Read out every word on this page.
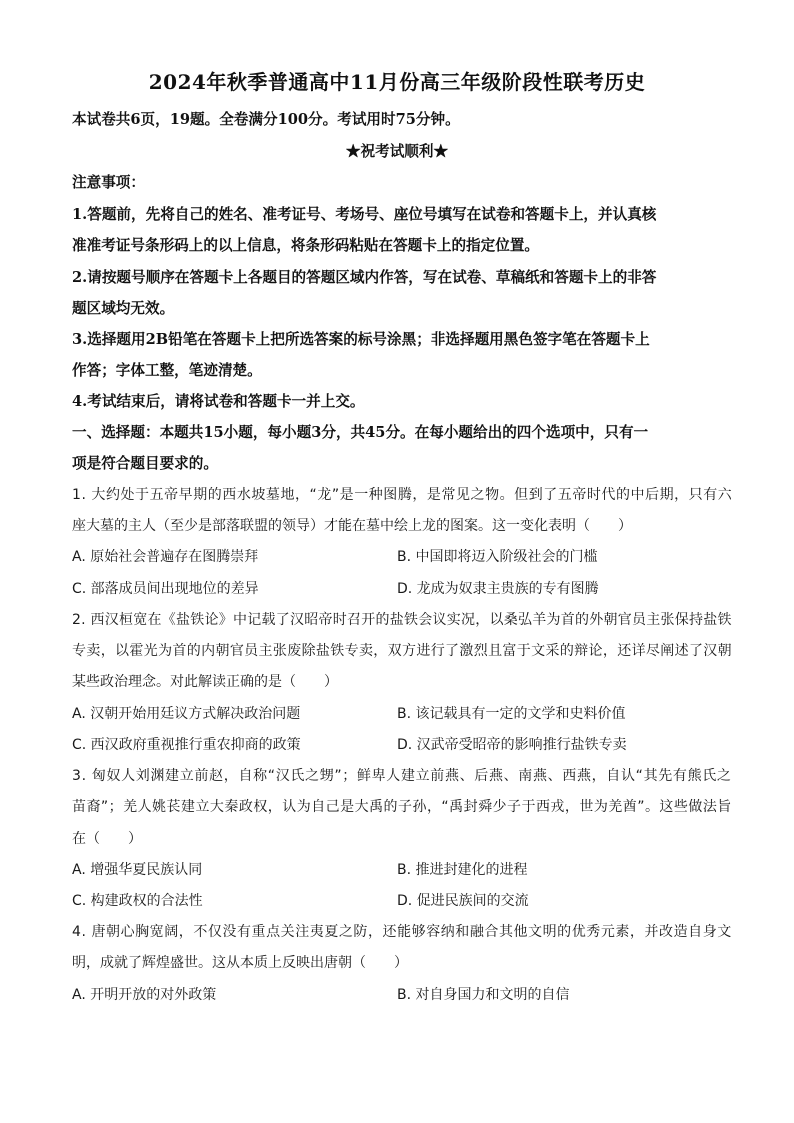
2024年秋季普通高中11月份高三年级阶段性联考历史
本试卷共6页，19题。全卷满分100分。考试用时75分钟。
★祝考试顺利★
注意事项：
1.答题前，先将自己的姓名、准考证号、考场号、座位号填写在试卷和答题卡上，并认真核
准准考证号条形码上的以上信息，将条形码粘贴在答题卡上的指定位置。
2.请按题号顺序在答题卡上各题目的答题区域内作答，写在试卷、草稿纸和答题卡上的非答
题区域均无效。
3.选择题用2B铅笔在答题卡上把所选答案的标号涂黑；非选择题用黑色签字笔在答题卡上
作答；字体工整，笔迹清楚。
4.考试结束后，请将试卷和答题卡一并上交。
一、选择题：本题共15小题，每小题3分，共45分。在每小题给出的四个选项中，只有一
项是符合题目要求的。
1. 大约处于五帝早期的西水坡墓地，“龙”是一种图腾，是常见之物。但到了五帝时代的中后期，只有六
座大墓的主人（至少是部落联盟的领导）才能在墓中绘上龙的图案。这一变化表明（　　）
A. 原始社会普遍存在图腾崇拜	B. 中国即将迈入阶级社会的门槛
C. 部落成员间出现地位的差异	D. 龙成为奴隶主贵族的专有图腾
2. 西汉桓宽在《盐铁论》中记载了汉昭帝时召开的盐铁会议实况，以桑弘羊为首的外朝官员主张保持盐铁
专卖，以霍光为首的内朝官员主张废除盐铁专卖，双方进行了激烈且富于文采的辩论，还详尽阐述了汉朝
某些政治理念。对此解读正确的是（　　）
A. 汉朝开始用廷议方式解决政治问题	B. 该记载具有一定的文学和史料价值
C. 西汉政府重视推行重农抑商的政策	D. 汉武帝受昭帝的影响推行盐铁专卖
3. 匈奴人刘渊建立前赵，自称“汉氏之甥”；鲜卑人建立前燕、后燕、南燕、西燕，自认“其先有熊氏之
苗裔”；羌人姚苌建立大秦政权，认为自己是大禹的子孙，“禹封舜少子于西戎，世为羌酋”。这些做法旨
在（　　）
A. 增强华夏民族认同	B. 推进封建化的进程
C. 构建政权的合法性	D. 促进民族间的交流
4. 唐朝心胸宽阔，不仅没有重点关注夷夏之防，还能够容纳和融合其他文明的优秀元素，并改造自身文
明，成就了辉煌盛世。这从本质上反映出唐朝（　　）
A. 开明开放的对外政策	B. 对自身国力和文明的自信
